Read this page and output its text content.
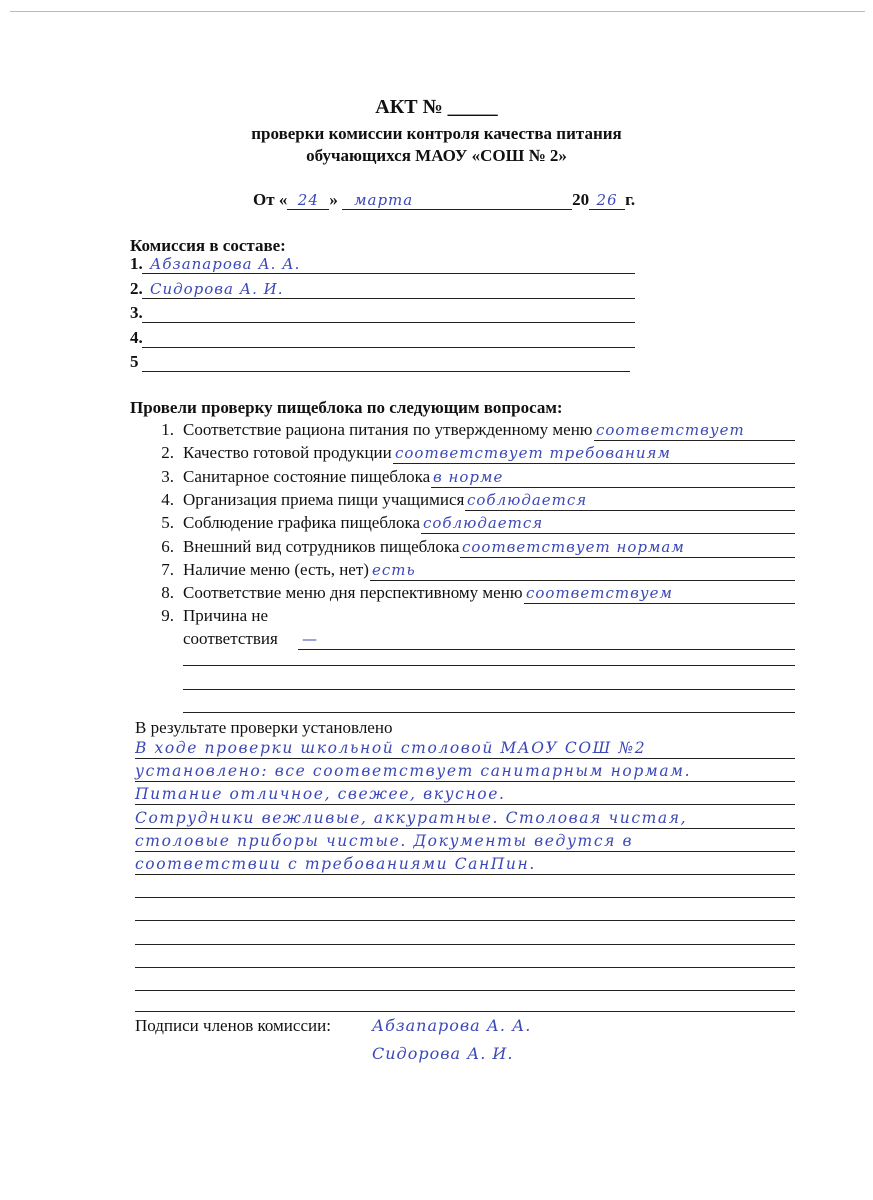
АКТ № _____
проверки комиссии контроля качества питания
обучающихся МАОУ «СОШ № 2»
От « 24 » марта	20 26 г.
Комиссия в составе:
1. Абзапарова А. А.
2. Сидорова А. И.
3.
4.
5
Провели проверку пищеблока по следующим вопросам:
1. Соответствие рациона питания по утвержденному меню
2. Качество готовой продукции
3. Санитарное состояние пищеблока
4. Организация приема пищи учащимися
5. Соблюдение графика пищеблока
6. Внешний вид сотрудников пищеблока
7. Наличие меню (есть, нет)
8. Соответствие меню дня перспективному меню
9. Причина не
соответствия —
соответствует
соответствует требованиям
в норме
соблюдается
соблюдается
соответствует нормам
есть
соответствуем
В результате проверки установлено
В ходе проверки школьной столовой МАОУ СОШ №2
установлено: все соответствует санитарным нормам.
Питание отличное, свежее, вкусное.
Сотрудники вежливые, аккуратные. Столовая чистая,
столовые приборы чистые. Документы ведутся в
соответствии с требованиями СанПин.
Подписи членов комиссии:	Абзапарова А. А.
Сидорова А. И.
